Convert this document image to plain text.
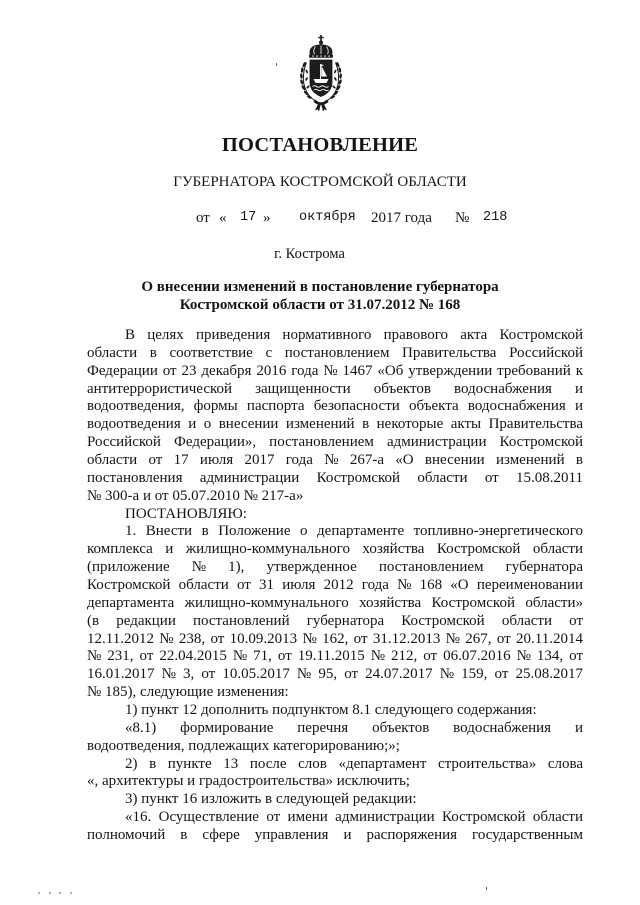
ПОСТАНОВЛЕНИЕ
ГУБЕРНАТОРА КОСТРОМСКОЙ ОБЛАСТИ
от « 17 » октября 2017 года № 218
г. Кострома
О внесении изменений в постановление губернатора
Костромской области от 31.07.2012 № 168
В целях приведения нормативного правового акта Костромской
области в соответствие с постановлением Правительства Российской
Федерации от 23 декабря 2016 года № 1467 «Об утверждении требований к
антитеррористической защищенности объектов водоснабжения и
водоотведения, формы паспорта безопасности объекта водоснабжения и
водоотведения и о внесении изменений в некоторые акты Правительства
Российской Федерации», постановлением администрации Костромской
области от 17 июля 2017 года № 267-а «О внесении изменений в
постановления администрации Костромской области от 15.08.2011
№ 300-а и от 05.07.2010 № 217-а»
ПОСТАНОВЛЯЮ:
1. Внести в Положение о департаменте топливно-энергетического
комплекса и жилищно-коммунального хозяйства Костромской области
(приложение № 1), утвержденное постановлением губернатора
Костромской области от 31 июля 2012 года № 168 «О переименовании
департамента жилищно-коммунального хозяйства Костромской области»
(в редакции постановлений губернатора Костромской области от
12.11.2012 № 238, от 10.09.2013 № 162, от 31.12.2013 № 267, от 20.11.2014
№ 231, от 22.04.2015 № 71, от 19.11.2015 № 212, от 06.07.2016 № 134, от
16.01.2017 № 3, от 10.05.2017 № 95, от 24.07.2017 № 159, от 25.08.2017
№ 185), следующие изменения:
1) пункт 12 дополнить подпунктом 8.1 следующего содержания:
«8.1) формирование перечня объектов водоснабжения и
водоотведения, подлежащих категорированию;»;
2) в пункте 13 после слов «департамент строительства» слова
«, архитектуры и градостроительства» исключить;
3) пункт 16 изложить в следующей редакции:
«16. Осуществление от имени администрации Костромской области
полномочий в сфере управления и распоряжения государственным
